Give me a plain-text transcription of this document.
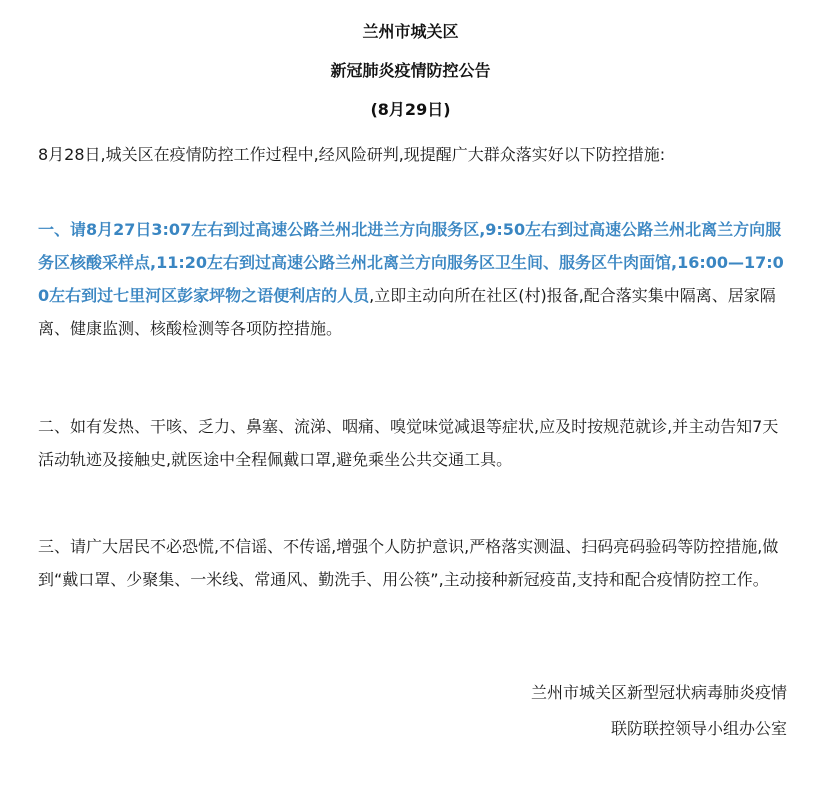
兰州市城关区
新冠肺炎疫情防控公告
(8月29日)

8月28日,城关区在疫情防控工作过程中,经风险研判,现提醒广大群众落实好以下防控措施:

一、请8月27日3:07左右到过高速公路兰州北进兰方向服务区,9:50左右到过高速公路兰州北离兰方向服务区核酸采样点,11:20左右到过高速公路兰州北离兰方向服务区卫生间、服务区牛肉面馆,16:00—17:00左右到过七里河区彭家坪物之语便利店的人员,立即主动向所在社区(村)报备,配合落实集中隔离、居家隔离、健康监测、核酸检测等各项防控措施。

二、如有发热、干咳、乏力、鼻塞、流涕、咽痛、嗅觉味觉减退等症状,应及时按规范就诊,并主动告知7天活动轨迹及接触史,就医途中全程佩戴口罩,避免乘坐公共交通工具。

三、请广大居民不必恐慌,不信谣、不传谣,增强个人防护意识,严格落实测温、扫码亮码验码等防控措施,做到“戴口罩、少聚集、一米线、常通风、勤洗手、用公筷”,主动接种新冠疫苗,支持和配合疫情防控工作。

兰州市城关区新型冠状病毒肺炎疫情
联防联控领导小组办公室
